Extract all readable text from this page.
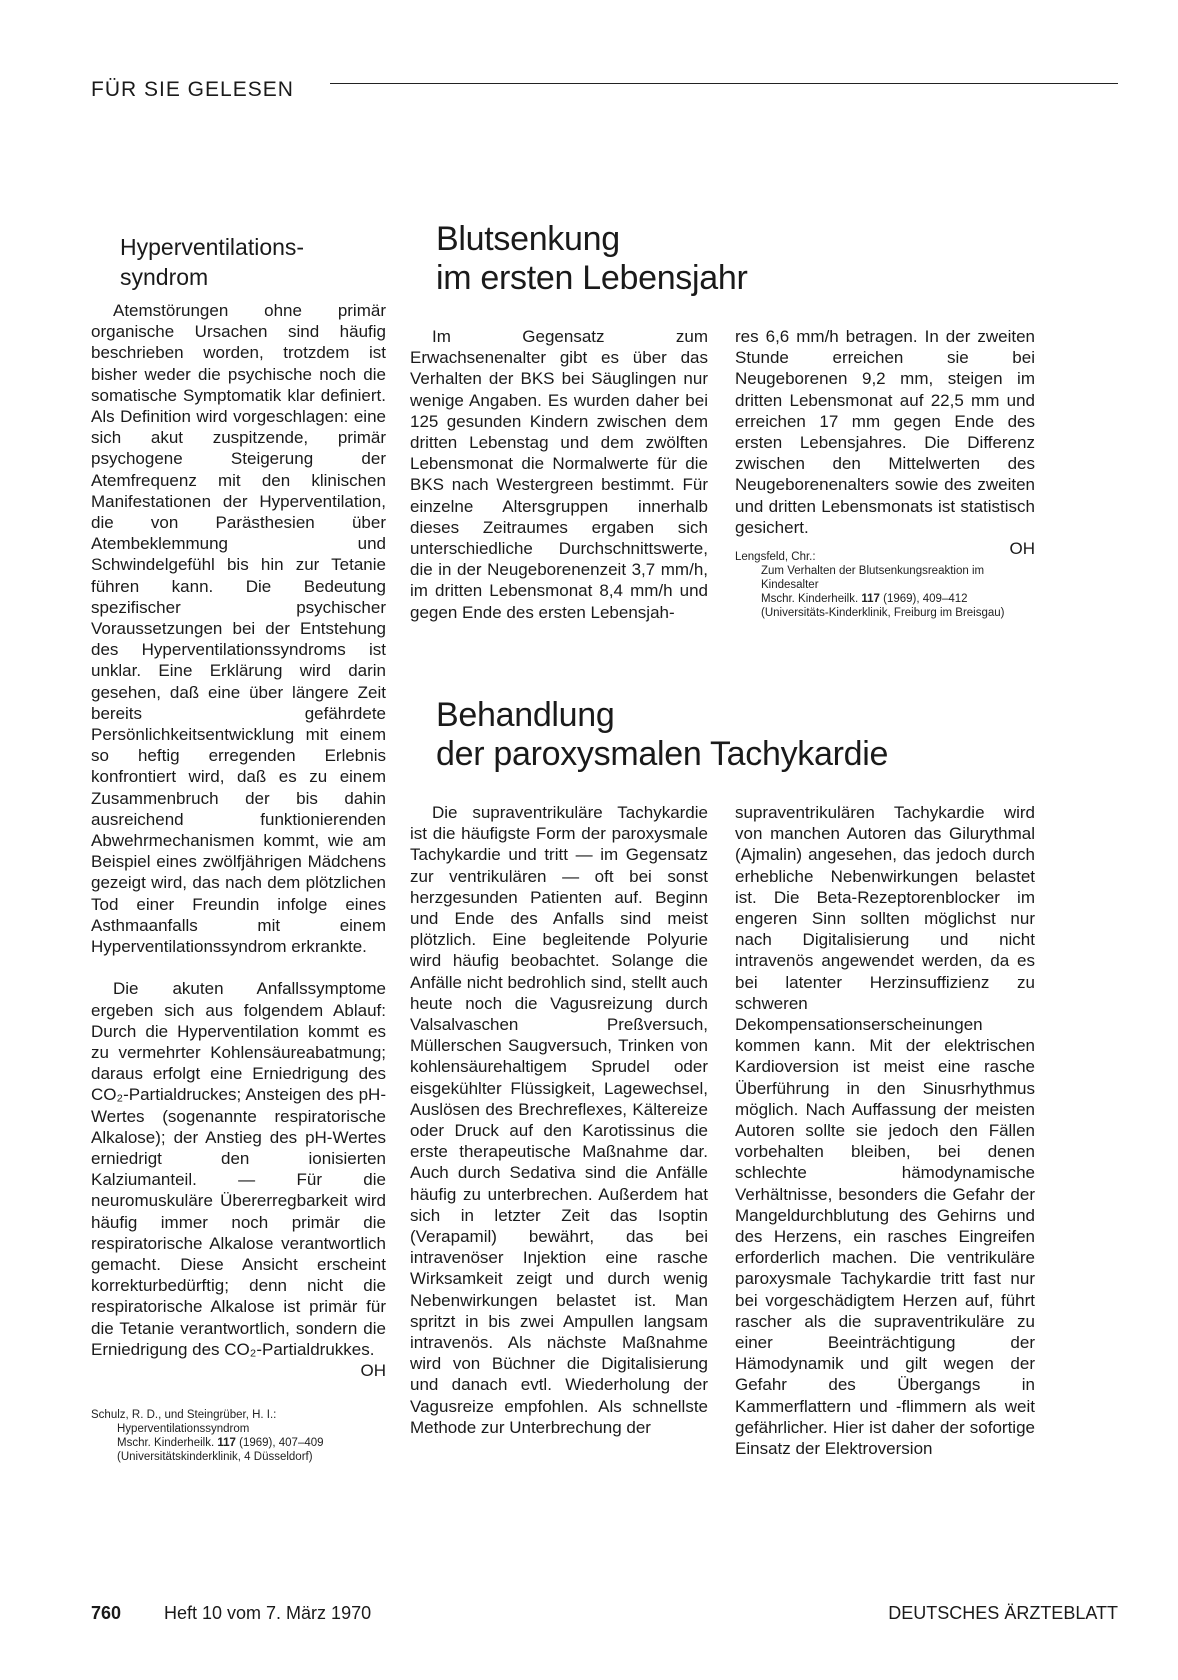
FÜR SIE GELESEN
Hyperventilations-
syndrom

Atemstörungen ohne primär organische Ursachen sind häufig beschrieben worden, trotzdem ist bisher weder die psychische noch die somatische Symptomatik klar definiert. Als Definition wird vorgeschlagen: eine sich akut zuspitzende, primär psychogene Steigerung der Atemfrequenz mit den klinischen Manifestationen der Hyperventilation, die von Parästhesien über Atembeklemmung und Schwindelgefühl bis hin zur Tetanie führen kann. Die Bedeutung spezifischer psychischer Voraussetzungen bei der Entstehung des Hyperventilationssyndroms ist unklar. Eine Erklärung wird darin gesehen, daß eine über längere Zeit bereits gefährdete Persönlichkeitsentwicklung mit einem so heftig erregenden Erlebnis konfrontiert wird, daß es zu einem Zusammenbruch der bis dahin ausreichend funktionierenden Abwehrmechanismen kommt, wie am Beispiel eines zwölfjährigen Mädchens gezeigt wird, das nach dem plötzlichen Tod einer Freundin infolge eines Asthmaanfalls mit einem Hyperventilationssyndrom erkrankte.

Die akuten Anfallssymptome ergeben sich aus folgendem Ablauf: Durch die Hyperventilation kommt es zu vermehrter Kohlensäureabatmung; daraus erfolgt eine Erniedrigung des CO₂-Partialdruckes; Ansteigen des pH-Wertes (sogenannte respiratorische Alkalose); der Anstieg des pH-Wertes erniedrigt den ionisierten Kalziumanteil. — Für die neuromuskuläre Übererregbarkeit wird häufig immer noch primär die respiratorische Alkalose verantwortlich gemacht. Diese Ansicht erscheint korrekturbedürftig; denn nicht die respiratorische Alkalose ist primär für die Tetanie verantwortlich, sondern die Erniedrigung des CO₂-Partialdrukkes.

OH
Schulz, R. D., und Steingrüber, H. I.:
Hyperventilationssyndrom
Mschr. Kinderheilk. 117 (1969), 407–409
(Universitätskinderklinik, 4 Düsseldorf)
Blutsenkung
im ersten Lebensjahr

Im Gegensatz zum Erwachsenenalter gibt es über das Verhalten der BKS bei Säuglingen nur wenige Angaben. Es wurden daher bei 125 gesunden Kindern zwischen dem dritten Lebenstag und dem zwölften Lebensmonat die Normalwerte für die BKS nach Westergreen bestimmt. Für einzelne Altersgruppen innerhalb dieses Zeitraumes ergaben sich unterschiedliche Durchschnittswerte, die in der Neugeborenenzeit 3,7 mm/h, im dritten Lebensmonat 8,4 mm/h und gegen Ende des ersten Lebensjah-

res 6,6 mm/h betragen. In der zweiten Stunde erreichen sie bei Neugeborenen 9,2 mm, steigen im dritten Lebensmonat auf 22,5 mm und erreichen 17 mm gegen Ende des ersten Lebensjahres. Die Differenz zwischen den Mittelwerten des Neugeborenenalters sowie des zweiten und dritten Lebensmonats ist statistisch gesichert.

OH
Lengsfeld, Chr.:
Zum Verhalten der Blutsenkungsreaktion im Kindesalter
Mschr. Kinderheilk. 117 (1969), 409–412
(Universitäts-Kinderklinik, Freiburg im Breisgau)
Behandlung
der paroxysmalen Tachykardie

Die supraventrikuläre Tachykardie ist die häufigste Form der paroxysmale Tachykardie und tritt — im Gegensatz zur ventrikulären — oft bei sonst herzgesunden Patienten auf. Beginn und Ende des Anfalls sind meist plötzlich. Eine begleitende Polyurie wird häufig beobachtet. Solange die Anfälle nicht bedrohlich sind, stellt auch heute noch die Vagusreizung durch Valsalvaschen Preßversuch, Müllerschen Saugversuch, Trinken von kohlensäurehaltigem Sprudel oder eisgekühlter Flüssigkeit, Lagewechsel, Auslösen des Brechreflexes, Kältereize oder Druck auf den Karotissinus die erste therapeutische Maßnahme dar. Auch durch Sedativa sind die Anfälle häufig zu unterbrechen. Außerdem hat sich in letzter Zeit das Isoptin (Verapamil) bewährt, das bei intravenöser Injektion eine rasche Wirksamkeit zeigt und durch wenig Nebenwirkungen belastet ist. Man spritzt in bis zwei Ampullen langsam intravenös. Als nächste Maßnahme wird von Büchner die Digitalisierung und danach evtl. Wiederholung der Vagusreize empfohlen. Als schnellste Methode zur Unterbrechung der

supraventrikulären Tachykardie wird von manchen Autoren das Gilurythmal (Ajmalin) angesehen, das jedoch durch erhebliche Nebenwirkungen belastet ist. Die Beta-Rezeptorenblocker im engeren Sinn sollten möglichst nur nach Digitalisierung und nicht intravenös angewendet werden, da es bei latenter Herzinsuffizienz zu schweren Dekompensationserscheinungen kommen kann. Mit der elektrischen Kardioversion ist meist eine rasche Überführung in den Sinusrhythmus möglich. Nach Auffassung der meisten Autoren sollte sie jedoch den Fällen vorbehalten bleiben, bei denen schlechte hämodynamische Verhältnisse, besonders die Gefahr der Mangeldurchblutung des Gehirns und des Herzens, ein rasches Eingreifen erforderlich machen. Die ventrikuläre paroxysmale Tachykardie tritt fast nur bei vorgeschädigtem Herzen auf, führt rascher als die supraventrikuläre zu einer Beeinträchtigung der Hämodynamik und gilt wegen der Gefahr des Übergangs in Kammerflattern und -flimmern als weit gefährlicher. Hier ist daher der sofortige Einsatz der Elektroversion

760 Heft 10 vom 7. März 1970	DEUTSCHES ÄRZTEBLATT
